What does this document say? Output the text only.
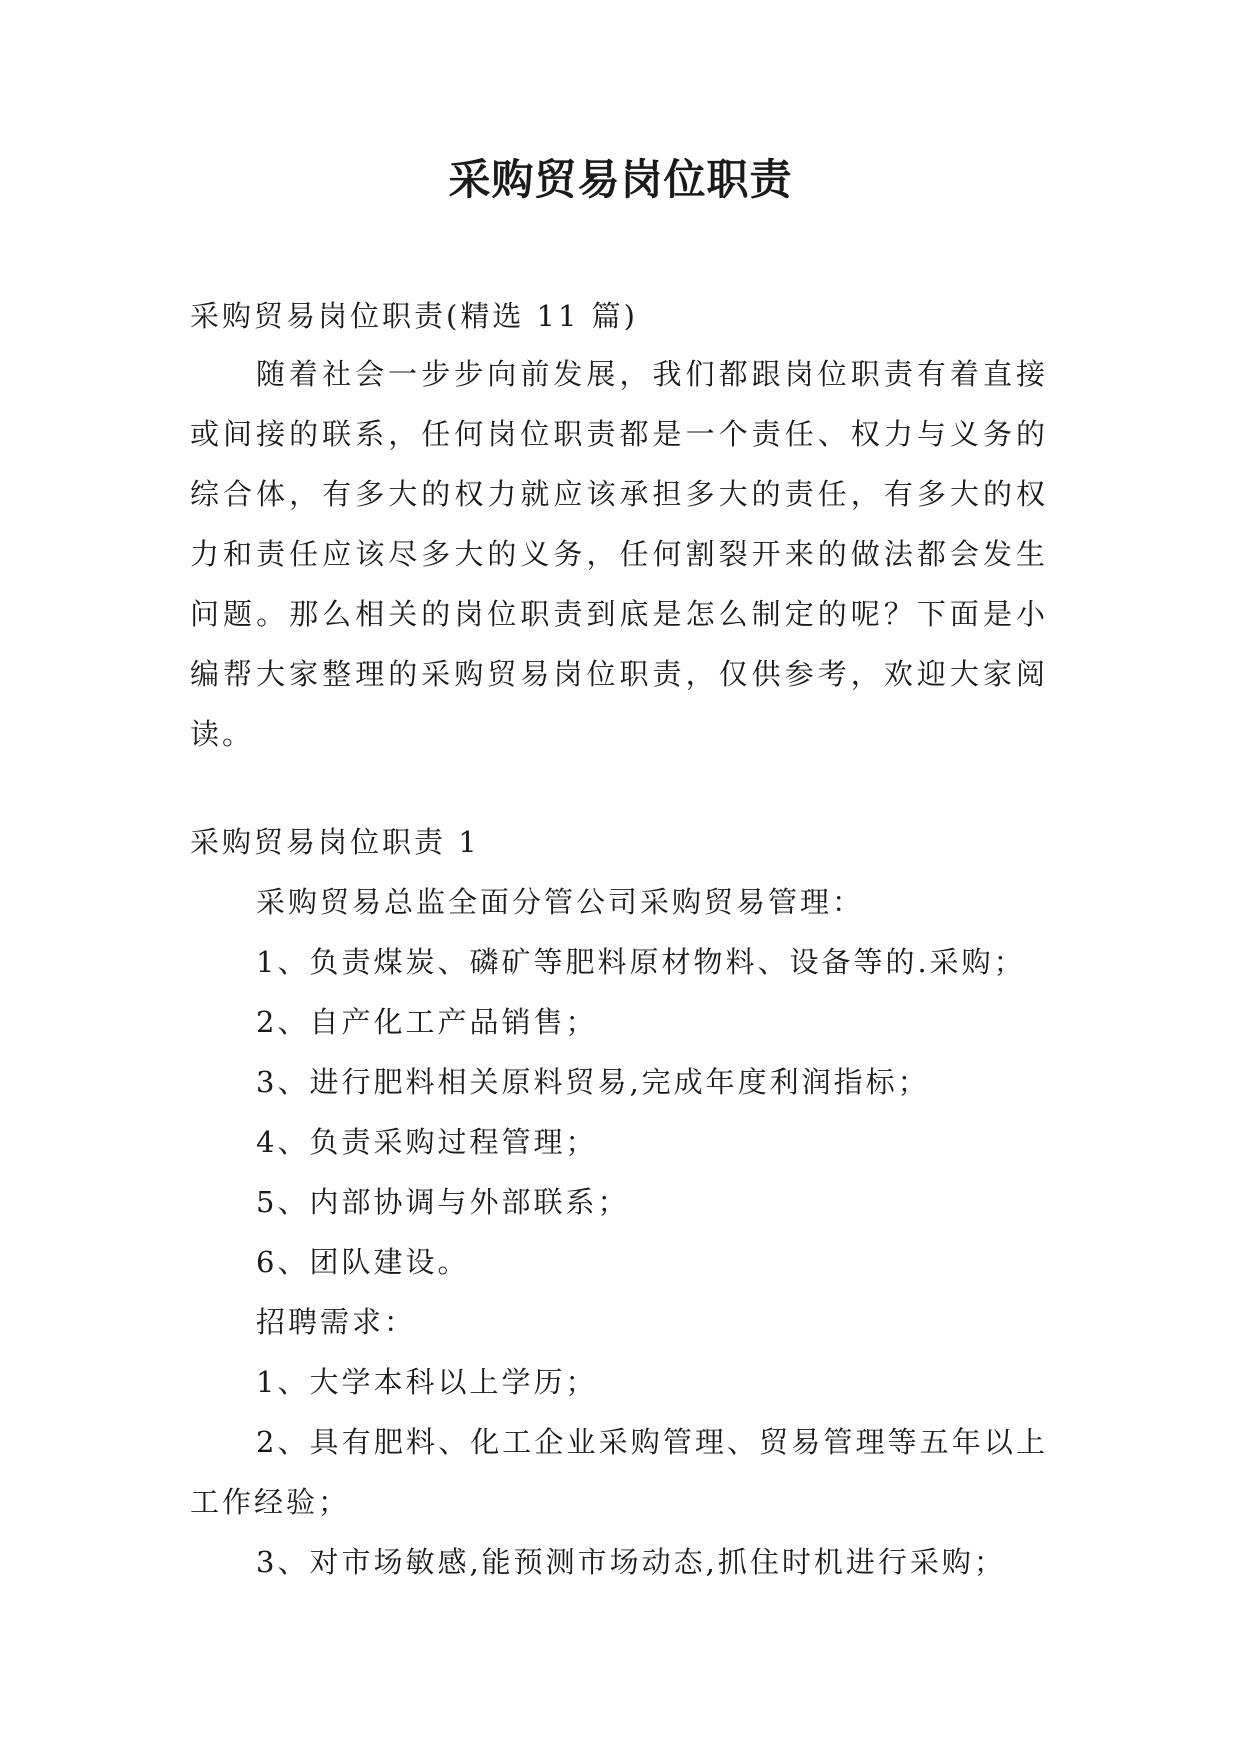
采购贸易岗位职责

采购贸易岗位职责(精选 11 篇)

随着社会一步步向前发展，我们都跟岗位职责有着直接或间接的联系，任何岗位职责都是一个责任、权力与义务的综合体，有多大的权力就应该承担多大的责任，有多大的权力和责任应该尽多大的义务，任何割裂开来的做法都会发生问题。那么相关的岗位职责到底是怎么制定的呢？下面是小编帮大家整理的采购贸易岗位职责，仅供参考，欢迎大家阅读。

采购贸易岗位职责 1

采购贸易总监全面分管公司采购贸易管理：

1、负责煤炭、磷矿等肥料原材物料、设备等的.采购；

2、自产化工产品销售；

3、进行肥料相关原料贸易,完成年度利润指标；

4、负责采购过程管理；

5、内部协调与外部联系；

6、团队建设。

招聘需求：

1、大学本科以上学历；

2、具有肥料、化工企业采购管理、贸易管理等五年以上工作经验；

3、对市场敏感,能预测市场动态,抓住时机进行采购；
